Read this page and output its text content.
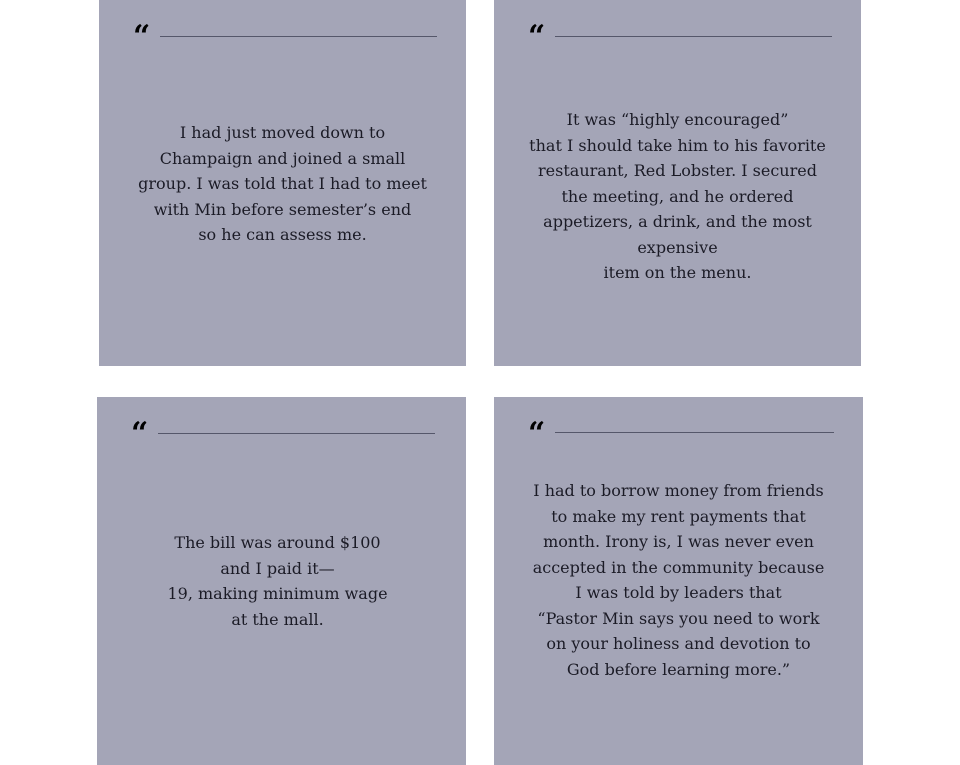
“
I had just moved down to
Champaign and joined a small
group. I was told that I had to meet
with Min before semester’s end
so he can assess me.
“
It was “highly encouraged”
that I should take him to his favorite
restaurant, Red Lobster. I secured
the meeting, and he ordered
appetizers, a drink, and the most
expensive
item on the menu.
“
The bill was around $100
and I paid it—
19, making minimum wage
at the mall.
“
I had to borrow money from friends
to make my rent payments that
month. Irony is, I was never even
accepted in the community because
I was told by leaders that
“Pastor Min says you need to work
on your holiness and devotion to
God before learning more.”
